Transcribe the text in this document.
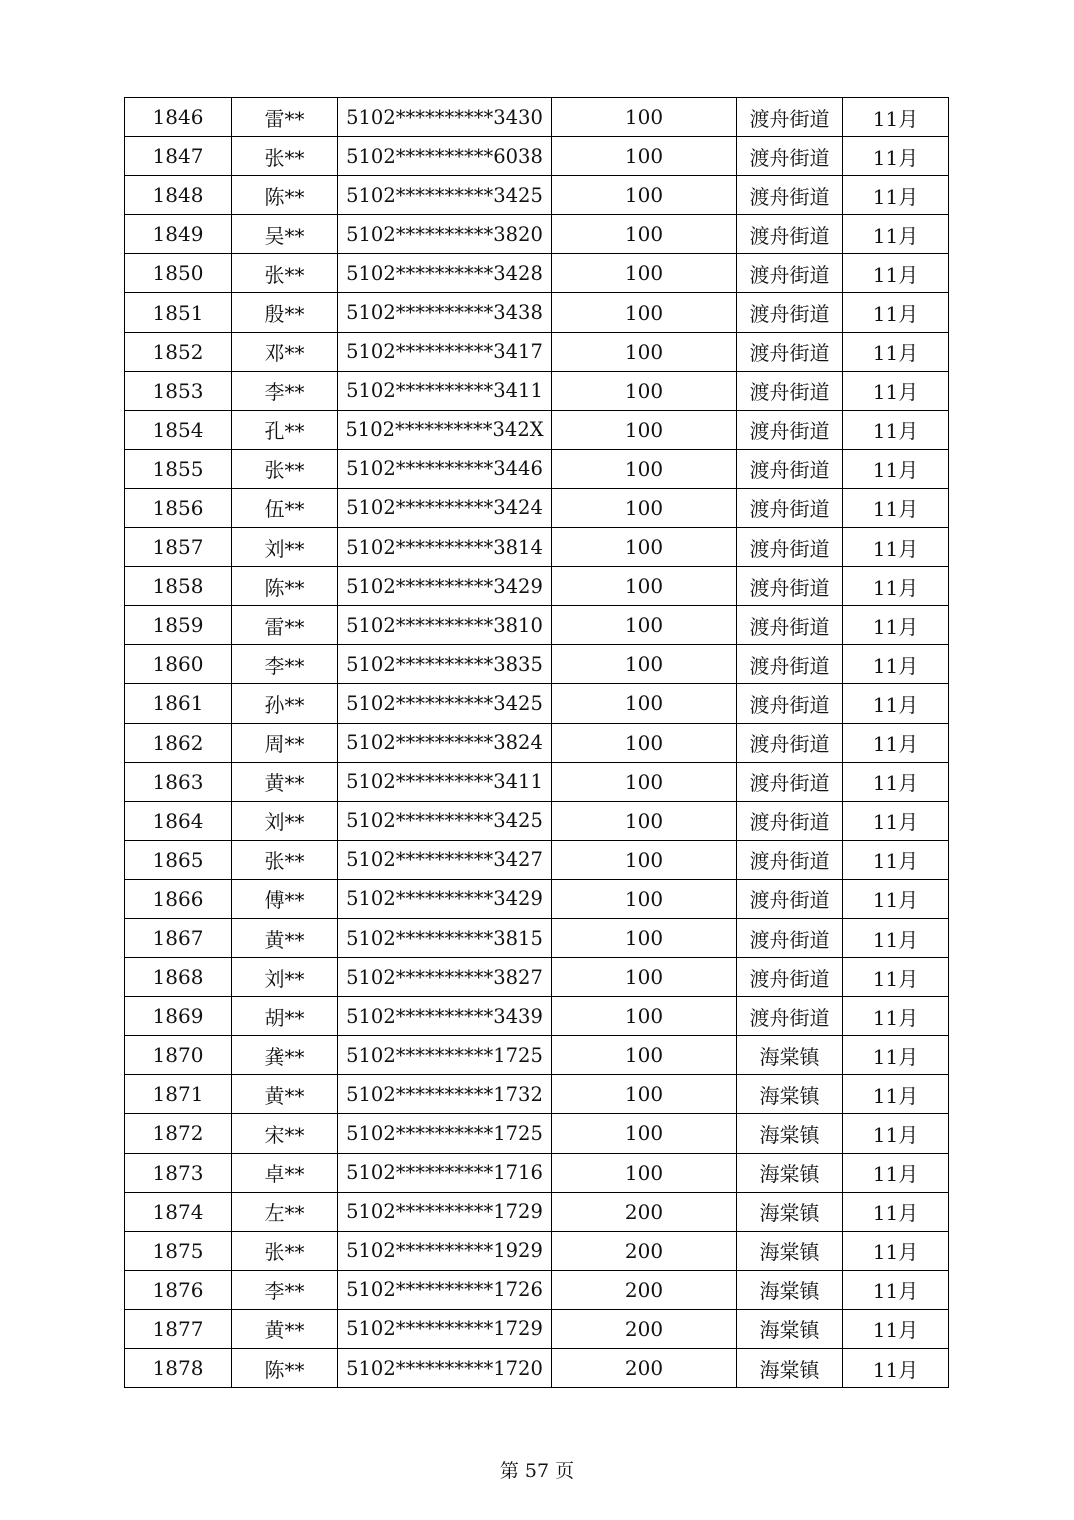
1846	雷**	5102**********3430	100	渡舟街道	11月
1847	张**	5102**********6038	100	渡舟街道	11月
1848	陈**	5102**********3425	100	渡舟街道	11月
1849	吴**	5102**********3820	100	渡舟街道	11月
1850	张**	5102**********3428	100	渡舟街道	11月
1851	殷**	5102**********3438	100	渡舟街道	11月
1852	邓**	5102**********3417	100	渡舟街道	11月
1853	李**	5102**********3411	100	渡舟街道	11月
1854	孔**	5102**********342X	100	渡舟街道	11月
1855	张**	5102**********3446	100	渡舟街道	11月
1856	伍**	5102**********3424	100	渡舟街道	11月
1857	刘**	5102**********3814	100	渡舟街道	11月
1858	陈**	5102**********3429	100	渡舟街道	11月
1859	雷**	5102**********3810	100	渡舟街道	11月
1860	李**	5102**********3835	100	渡舟街道	11月
1861	孙**	5102**********3425	100	渡舟街道	11月
1862	周**	5102**********3824	100	渡舟街道	11月
1863	黄**	5102**********3411	100	渡舟街道	11月
1864	刘**	5102**********3425	100	渡舟街道	11月
1865	张**	5102**********3427	100	渡舟街道	11月
1866	傅**	5102**********3429	100	渡舟街道	11月
1867	黄**	5102**********3815	100	渡舟街道	11月
1868	刘**	5102**********3827	100	渡舟街道	11月
1869	胡**	5102**********3439	100	渡舟街道	11月
1870	龚**	5102**********1725	100	海棠镇	11月
1871	黄**	5102**********1732	100	海棠镇	11月
1872	宋**	5102**********1725	100	海棠镇	11月
1873	卓**	5102**********1716	100	海棠镇	11月
1874	左**	5102**********1729	200	海棠镇	11月
1875	张**	5102**********1929	200	海棠镇	11月
1876	李**	5102**********1726	200	海棠镇	11月
1877	黄**	5102**********1729	200	海棠镇	11月
1878	陈**	5102**********1720	200	海棠镇	11月
第 57 页
